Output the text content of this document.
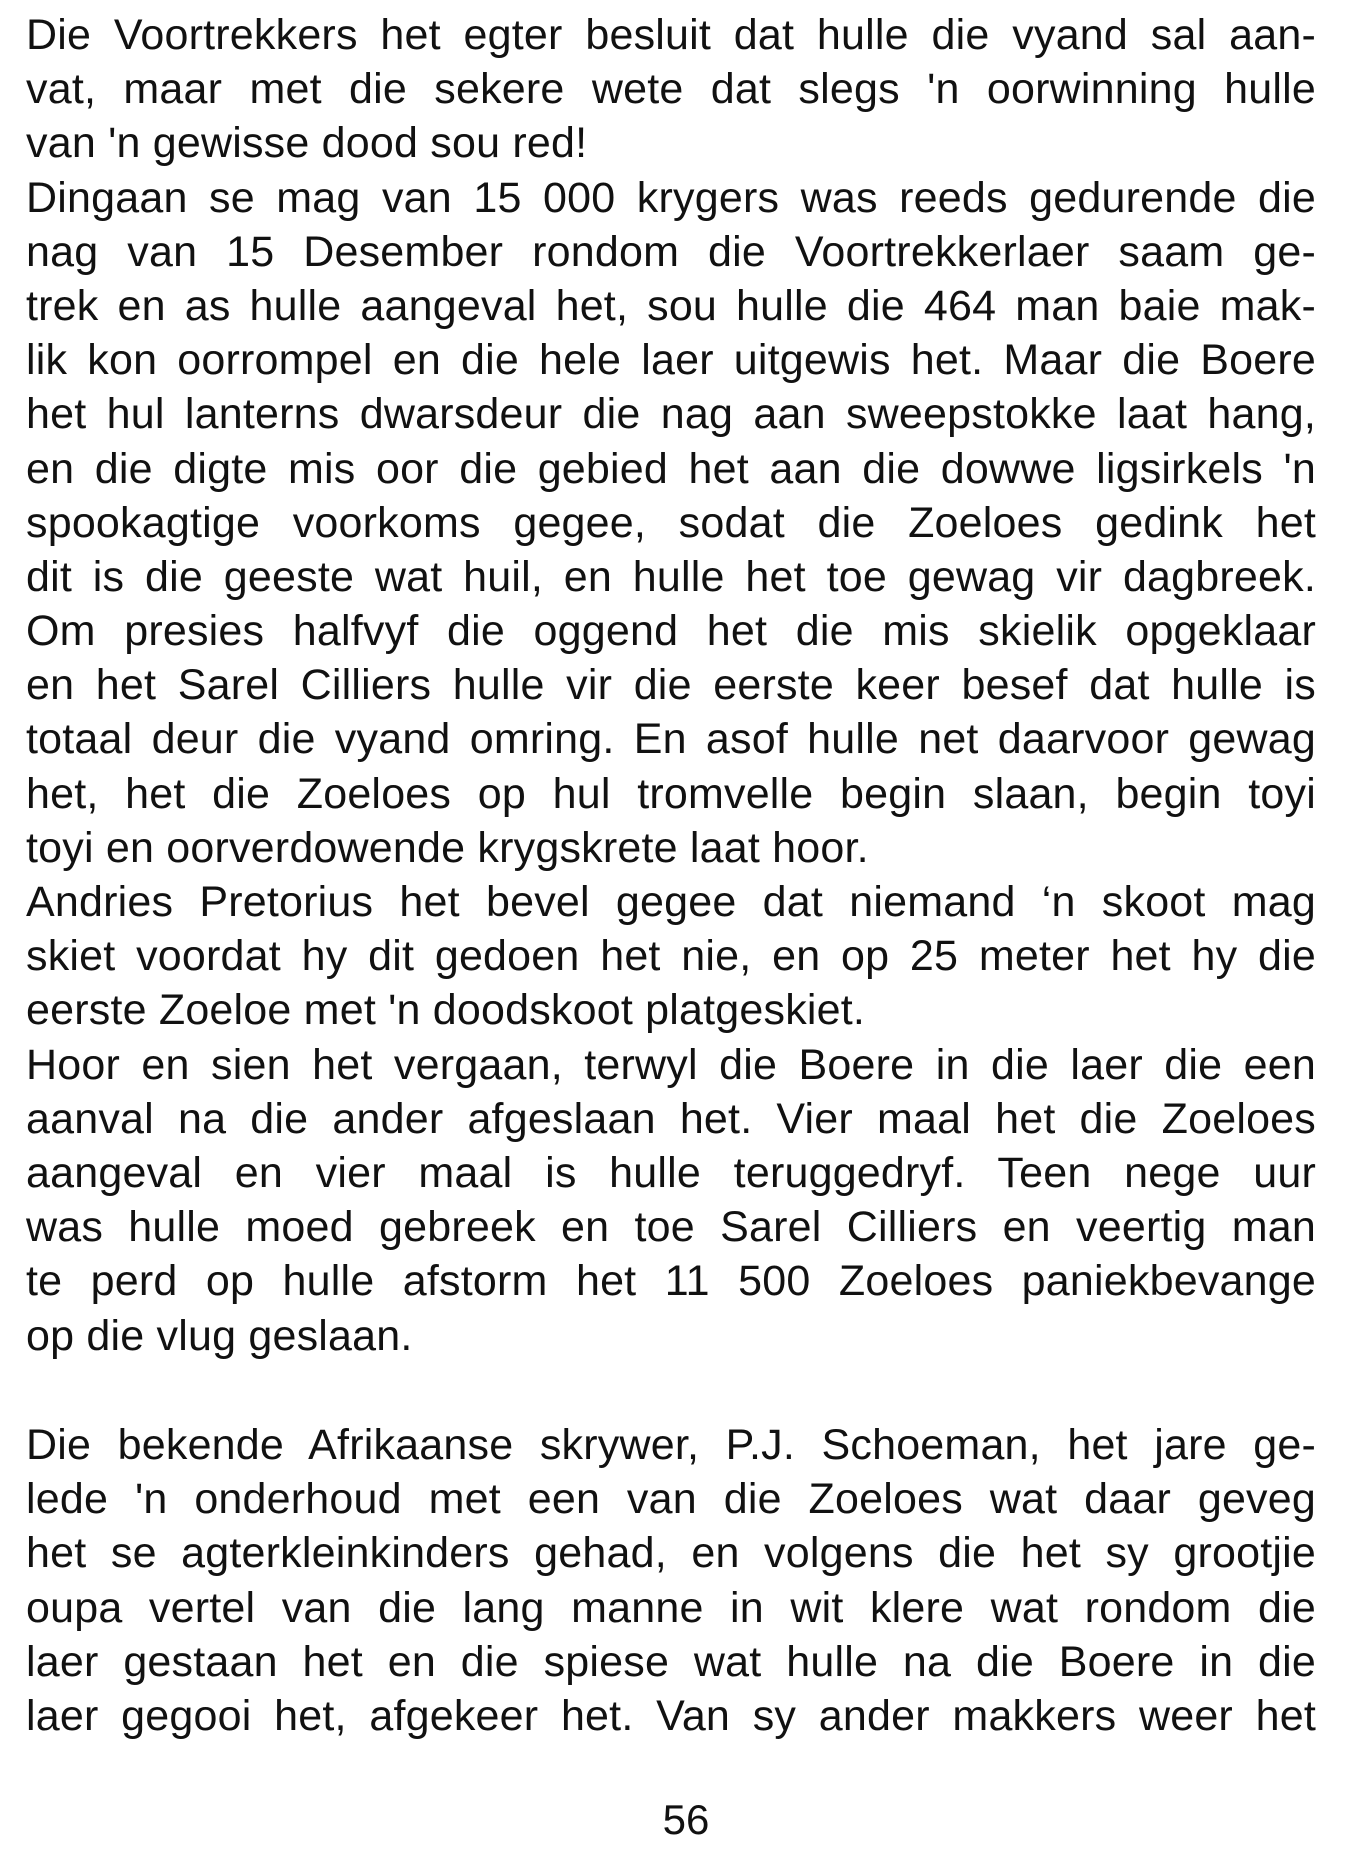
Die Voortrekkers het egter besluit dat hulle die vyand sal aan-
vat, maar met die sekere wete dat slegs 'n oorwinning hulle
van 'n gewisse dood sou red!
Dingaan se mag van 15 000 krygers was reeds gedurende die
nag van 15 Desember rondom die Voortrekkerlaer saam ge-
trek en as hulle aangeval het, sou hulle die 464 man baie mak-
lik kon oorrompel en die hele laer uitgewis het. Maar die Boere
het hul lanterns dwarsdeur die nag aan sweepstokke laat hang,
en die digte mis oor die gebied het aan die dowwe ligsirkels 'n
spookagtige voorkoms gegee, sodat die Zoeloes gedink het
dit is die geeste wat huil, en hulle het toe gewag vir dagbreek.
Om presies halfvyf die oggend het die mis skielik opgeklaar
en het Sarel Cilliers hulle vir die eerste keer besef dat hulle is
totaal deur die vyand omring. En asof hulle net daarvoor gewag
het, het die Zoeloes op hul tromvelle begin slaan, begin toyi
toyi en oorverdowende krygskrete laat hoor.
Andries Pretorius het bevel gegee dat niemand ‘n skoot mag
skiet voordat hy dit gedoen het nie, en op 25 meter het hy die
eerste Zoeloe met 'n doodskoot platgeskiet.
Hoor en sien het vergaan, terwyl die Boere in die laer die een
aanval na die ander afgeslaan het. Vier maal het die Zoeloes
aangeval en vier maal is hulle teruggedryf. Teen nege uur
was hulle moed gebreek en toe Sarel Cilliers en veertig man
te perd op hulle afstorm het 11 500 Zoeloes paniekbevange
op die vlug geslaan.
Die bekende Afrikaanse skrywer, P.J. Schoeman, het jare ge-
lede 'n onderhoud met een van die Zoeloes wat daar geveg
het se agterkleinkinders gehad, en volgens die het sy grootjie
oupa vertel van die lang manne in wit klere wat rondom die
laer gestaan het en die spiese wat hulle na die Boere in die
laer gegooi het, afgekeer het. Van sy ander makkers weer het
56
